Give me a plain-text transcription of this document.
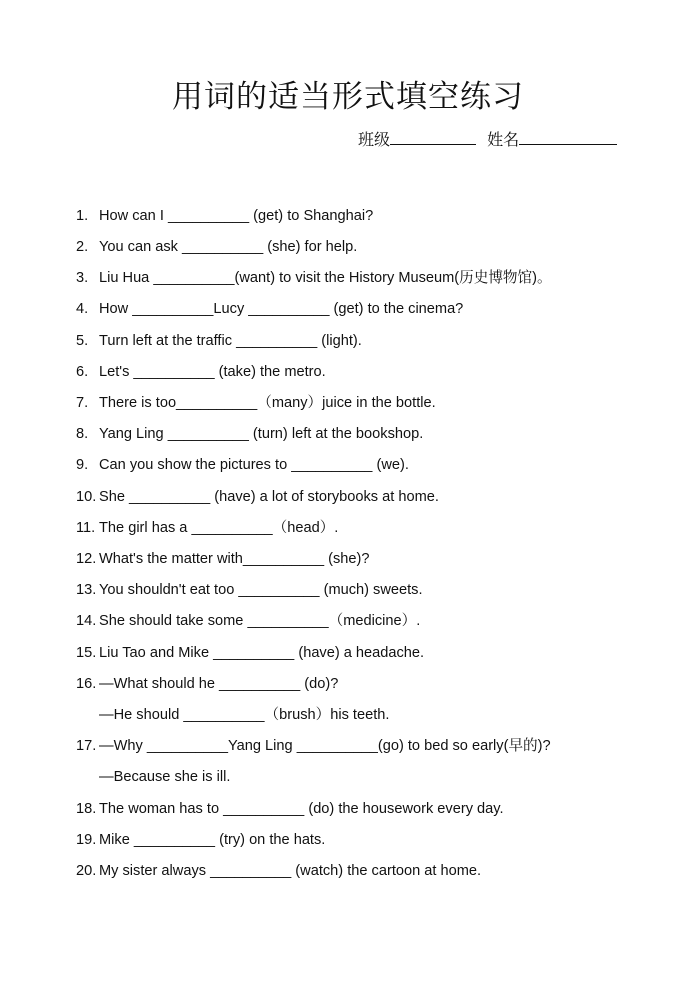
用词的适当形式填空练习
班级	姓名
1. How can I __________ (get) to Shanghai?
2. You can ask __________ (she) for help.
3. Liu Hua __________(want) to visit the History Museum(历史博物馆)。
4. How __________Lucy __________ (get) to the cinema?
5. Turn left at the traffic __________ (light).
6. Let's __________ (take) the metro.
7. There is too__________（many）juice in the bottle.
8. Yang Ling __________ (turn) left at the bookshop.
9. Can you show the pictures to __________ (we).
10. She __________ (have) a lot of storybooks at home.
11. The girl has a __________（head）.
12. What's the matter with__________ (she)?
13. You shouldn't eat too __________ (much) sweets.
14. She should take some __________（medicine）.
15. Liu Tao and Mike __________ (have) a headache.
16. —What should he __________ (do)?
—He should __________（brush）his teeth.
17. —Why __________Yang Ling __________(go) to bed so early(早的)?
—Because she is ill.
18. The woman has to __________ (do) the housework every day.
19. Mike __________ (try) on the hats.
20. My sister always __________ (watch) the cartoon at home.
